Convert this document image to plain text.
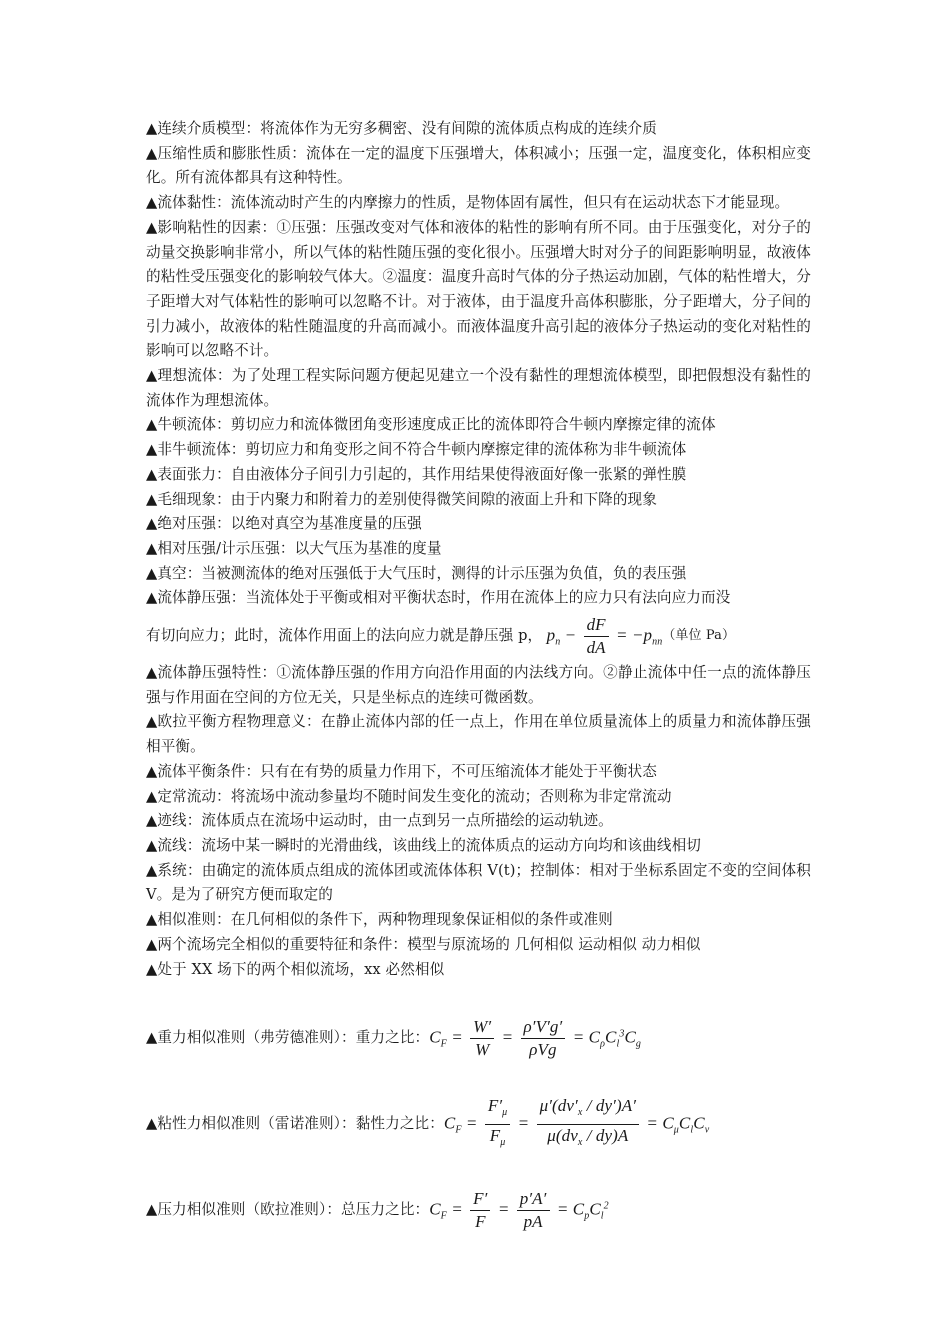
▲连续介质模型：将流体作为无穷多稠密、没有间隙的流体质点构成的连续介质

▲压缩性质和膨胀性质：流体在一定的温度下压强增大，体积减小；压强一定，温度变化，体积相应变化。所有流体都具有这种特性。

▲流体黏性：流体流动时产生的内摩擦力的性质，是物体固有属性，但只有在运动状态下才能显现。

▲影响粘性的因素：①压强：压强改变对气体和液体的粘性的影响有所不同。由于压强变化，对分子的动量交换影响非常小，所以气体的粘性随压强的变化很小。压强增大时对分子的间距影响明显，故液体的粘性受压强变化的影响较气体大。②温度：温度升高时气体的分子热运动加剧，气体的粘性增大，分子距增大对气体粘性的影响可以忽略不计。对于液体，由于温度升高体积膨胀，分子距增大，分子间的引力减小，故液体的粘性随温度的升高而减小。而液体温度升高引起的液体分子热运动的变化对粘性的影响可以忽略不计。

▲理想流体：为了处理工程实际问题方便起见建立一个没有黏性的理想流体模型，即把假想没有黏性的流体作为理想流体。

▲牛顿流体：剪切应力和流体微团角变形速度成正比的流体即符合牛顿内摩擦定律的流体

▲非牛顿流体：剪切应力和角变形之间不符合牛顿内摩擦定律的流体称为非牛顿流体

▲表面张力：自由液体分子间引力引起的，其作用结果使得液面好像一张紧的弹性膜

▲毛细现象：由于内聚力和附着力的差别使得微笑间隙的液面上升和下降的现象

▲绝对压强：以绝对真空为基准度量的压强

▲相对压强/计示压强：以大气压为基准的度量

▲真空：当被测流体的绝对压强低于大气压时，测得的计示压强为负值，负的表压强

▲流体静压强：当流体处于平衡或相对平衡状态时，作用在流体上的应力只有法向应力而没

有切向应力；此时，流体作用面上的法向应力就是静压强 p， $p_n - \frac{dF}{dA} = -p_{nn}$ （单位 Pa）

▲流体静压强特性：①流体静压强的作用方向沿作用面的内法线方向。②静止流体中任一点的流体静压强与作用面在空间的方位无关，只是坐标点的连续可微函数。

▲欧拉平衡方程物理意义：在静止流体内部的任一点上，作用在单位质量流体上的质量力和流体静压强相平衡。

▲流体平衡条件：只有在有势的质量力作用下，不可压缩流体才能处于平衡状态

▲定常流动：将流场中流动参量均不随时间发生变化的流动；否则称为非定常流动

▲迹线：流体质点在流场中运动时，由一点到另一点所描绘的运动轨迹。

▲流线：流场中某一瞬时的光滑曲线，该曲线上的流体质点的运动方向均和该曲线相切

▲系统：由确定的流体质点组成的流体团或流体体积 V(t)；控制体：相对于坐标系固定不变的空间体积 V。是为了研究方便而取定的

▲相似准则：在几何相似的条件下，两种物理现象保证相似的条件或准则

▲两个流场完全相似的重要特征和条件：模型与原流场的 几何相似 运动相似 动力相似

▲处于 XX 场下的两个相似流场，xx 必然相似

▲重力相似准则（弗劳德准则）：重力之比： $C_F = \frac{W'}{W} = \frac{\rho'V'g'}{\text{ρVg}} = C_\rho C_l^3C_g$
▲粘性力相似准则（雷诺准则）：黏性力之比： $C_F = \frac{F'_\mu}{F_\mu} = \frac{\mu'(dv'_x / dy')A'}{\mu(dv_x / dy)A} = C_\mu C_lC_v$
▲压力相似准则（欧拉准则）：总压力之比： $C_F = \frac{F'}{F} = \frac{p'A'}{pA} = C_pC_l^2$
